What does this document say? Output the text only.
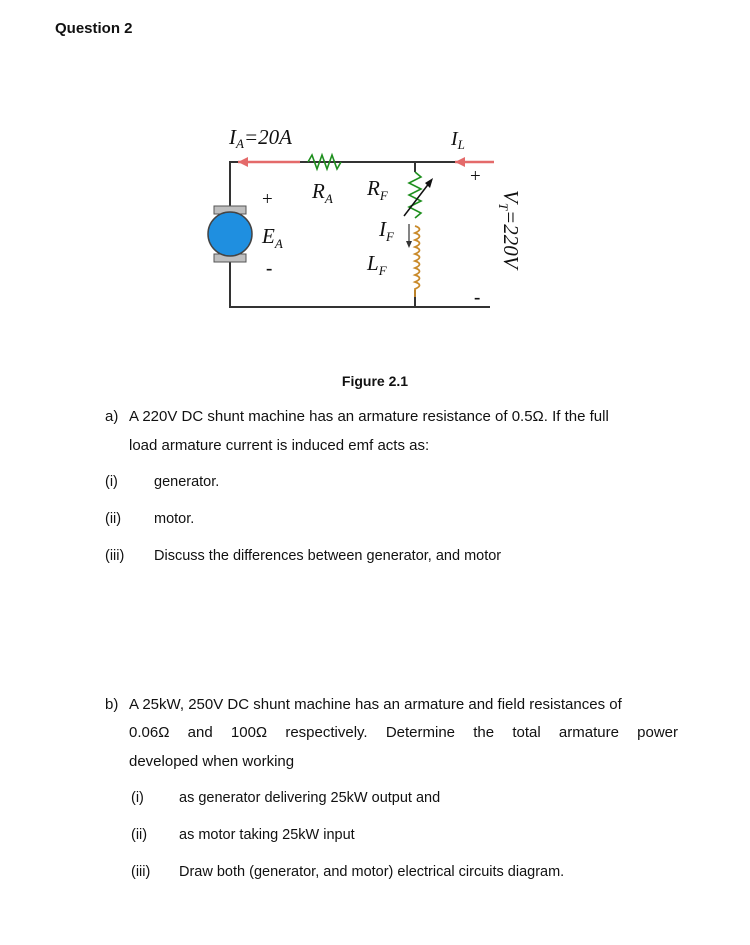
Question 2
IA=20A	$I_L$
$R_A$ $R_F$
$I_F$
$L_F$
+
$E_A$
-
+
-
$V_T=220V$
Figure 2.1
a) A 220V DC shunt machine has an armature resistance of 0.5Ω. If the full
load armature current is induced emf acts as:
(i) generator.
(ii) motor.
(iii) Discuss the differences between generator, and motor
b) A 25kW, 250V DC shunt machine has an armature and field resistances of
0.06Ω and 100Ω respectively. Determine the total armature power
developed when working
(i) as generator delivering 25kW output and
(ii) as motor taking 25kW input
(iii) Draw both (generator, and motor) electrical circuits diagram.
